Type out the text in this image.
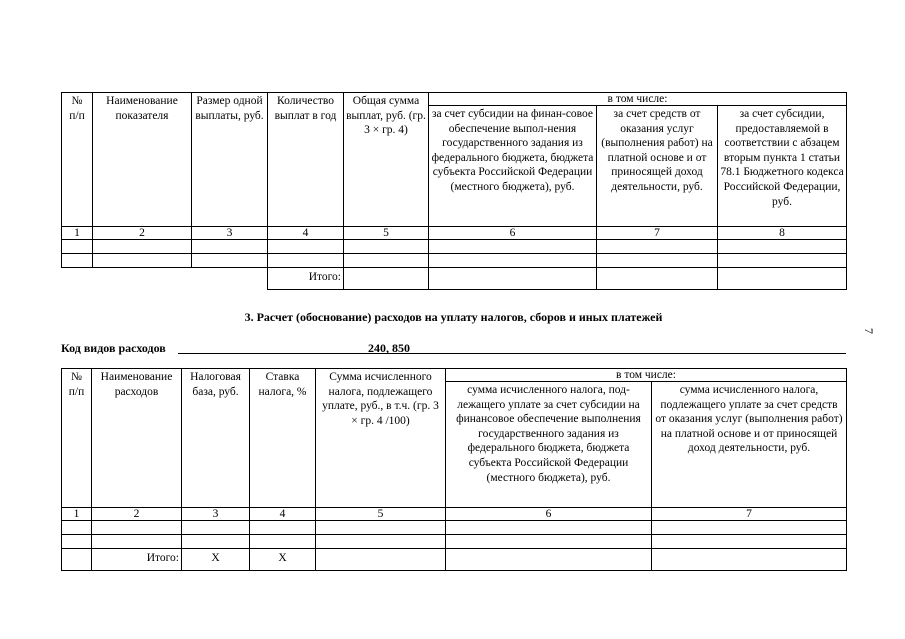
№
п/п	Наименование показателя	Размер одной выплаты, руб.	Количество выплат в год	Общая сумма выплат, руб. (гр. 3 × гр. 4)	в том числе:		
					за счет субсидии на финан-совое обеспечение выпол-нения государственного задания из федерального бюджета, бюджета субъекта Российской Федерации (местного бюджета), руб.	за счет средств от оказания услуг (выполнения работ) на платной основе и от приносящей доход деятельности, руб.	за счет субсидии, предоставляемой в соответствии с абзацем вторым пункта 1 статьи 78.1 Бюджетного кодекса Российской Федерации, руб.
1	2	3	4	5	6	7	8

			Итого:				
3. Расчет (обоснование) расходов на уплату налогов, сборов и иных платежей
Код видов расходов	240, 850
№
п/п	Наименование расходов	Налоговая база, руб.	Ставка налога, %	Сумма исчисленного налога, подлежащего уплате, руб., в т.ч. (гр. 3 × гр. 4 /100)	в том числе:	
					сумма исчисленного налога, под-лежащего уплате за счет субсидии на финансовое обеспечение выполнения государственного задания из федерального бюджета, бюджета субъекта Российской Федерации (местного бюджета), руб.	сумма исчисленного налога, подлежащего уплате за счет средств от оказания услуг (выполнения работ) на платной основе и от приносящей доход деятельности, руб.
1	2	3	4	5	6	7

	Итого:	X	X			
7
